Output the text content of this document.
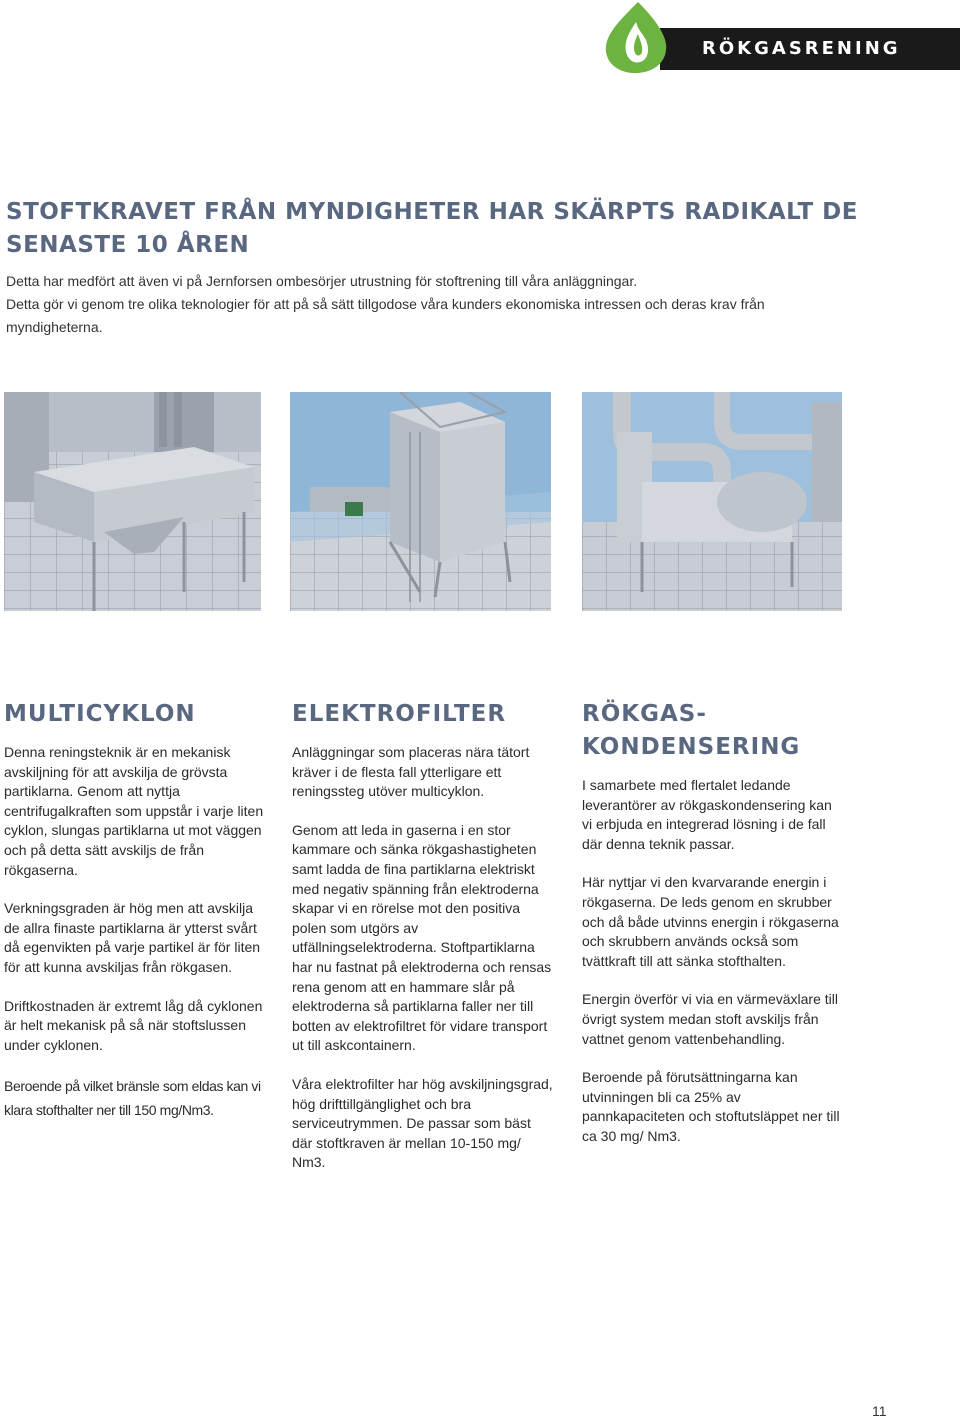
RÖKGASRENING
STOFTKRAVET FRÅN MYNDIGHETER HAR SKÄRPTS RADIKALT DE SENASTE 10 ÅREN

Detta har medfört att även vi på Jernforsen ombesörjer utrustning för stoftrening till våra anläggningar.

Detta gör vi genom tre olika teknologier för att på så sätt tillgodose våra kunders ekonomiska intressen och deras krav från myndigheterna.

MULTICYKLON

Denna reningsteknik är en mekanisk avskiljning för att avskilja de grövsta partiklarna. Genom att nyttja centrifugalkraften som uppstår i varje liten cyklon, slungas partiklarna ut mot väggen och på detta sätt avskiljs de från rökgaserna.

Verkningsgraden är hög men att avskilja de allra finaste partiklarna är ytterst svårt då egenvikten på varje partikel är för liten för att kunna avskiljas från rökgasen.

Driftkostnaden är extremt låg då cyklonen är helt mekanisk på så när stoftslussen under cyklonen.

Beroende på vilket bränsle som eldas kan vi klara stofthalter ner till 150 mg/Nm3.

ELEKTROFILTER

Anläggningar som placeras nära tätort kräver i de flesta fall ytterligare ett reningssteg utöver multicyklon.

Genom att leda in gaserna i en stor kammare och sänka rökgashastigheten samt ladda de fina partiklarna elektriskt med negativ spänning från elektroderna skapar vi en rörelse mot den positiva polen som utgörs av utfällningselektroderna. Stoftpartiklarna har nu fastnat på elektroderna och rensas rena genom att en hammare slår på elektroderna så partiklarna faller ner till botten av elektrofiltret för vidare transport ut till askcontainern.

Våra elektrofilter har hög avskiljningsgrad, hög drifttillgänglighet och bra serviceutrymmen. De passar som bäst där stoftkraven är mellan 10-150 mg/ Nm3.

RÖKGAS-
KONDENSERING

I samarbete med flertalet ledande leverantörer av rökgaskondensering kan vi erbjuda en integrerad lösning i de fall där denna teknik passar.

Här nyttjar vi den kvarvarande energin i rökgaserna. De leds genom en skrubber och då både utvinns energin i rökgaserna och skrubbern används också som tvättkraft till att sänka stofthalten.

Energin överför vi via en värmeväxlare till övrigt system medan stoft avskiljs från vattnet genom vattenbehandling.

Beroende på förutsättningarna kan utvinningen bli ca 25% av pannkapaciteten och stoftutsläppet ner till ca 30 mg/ Nm3.

11
